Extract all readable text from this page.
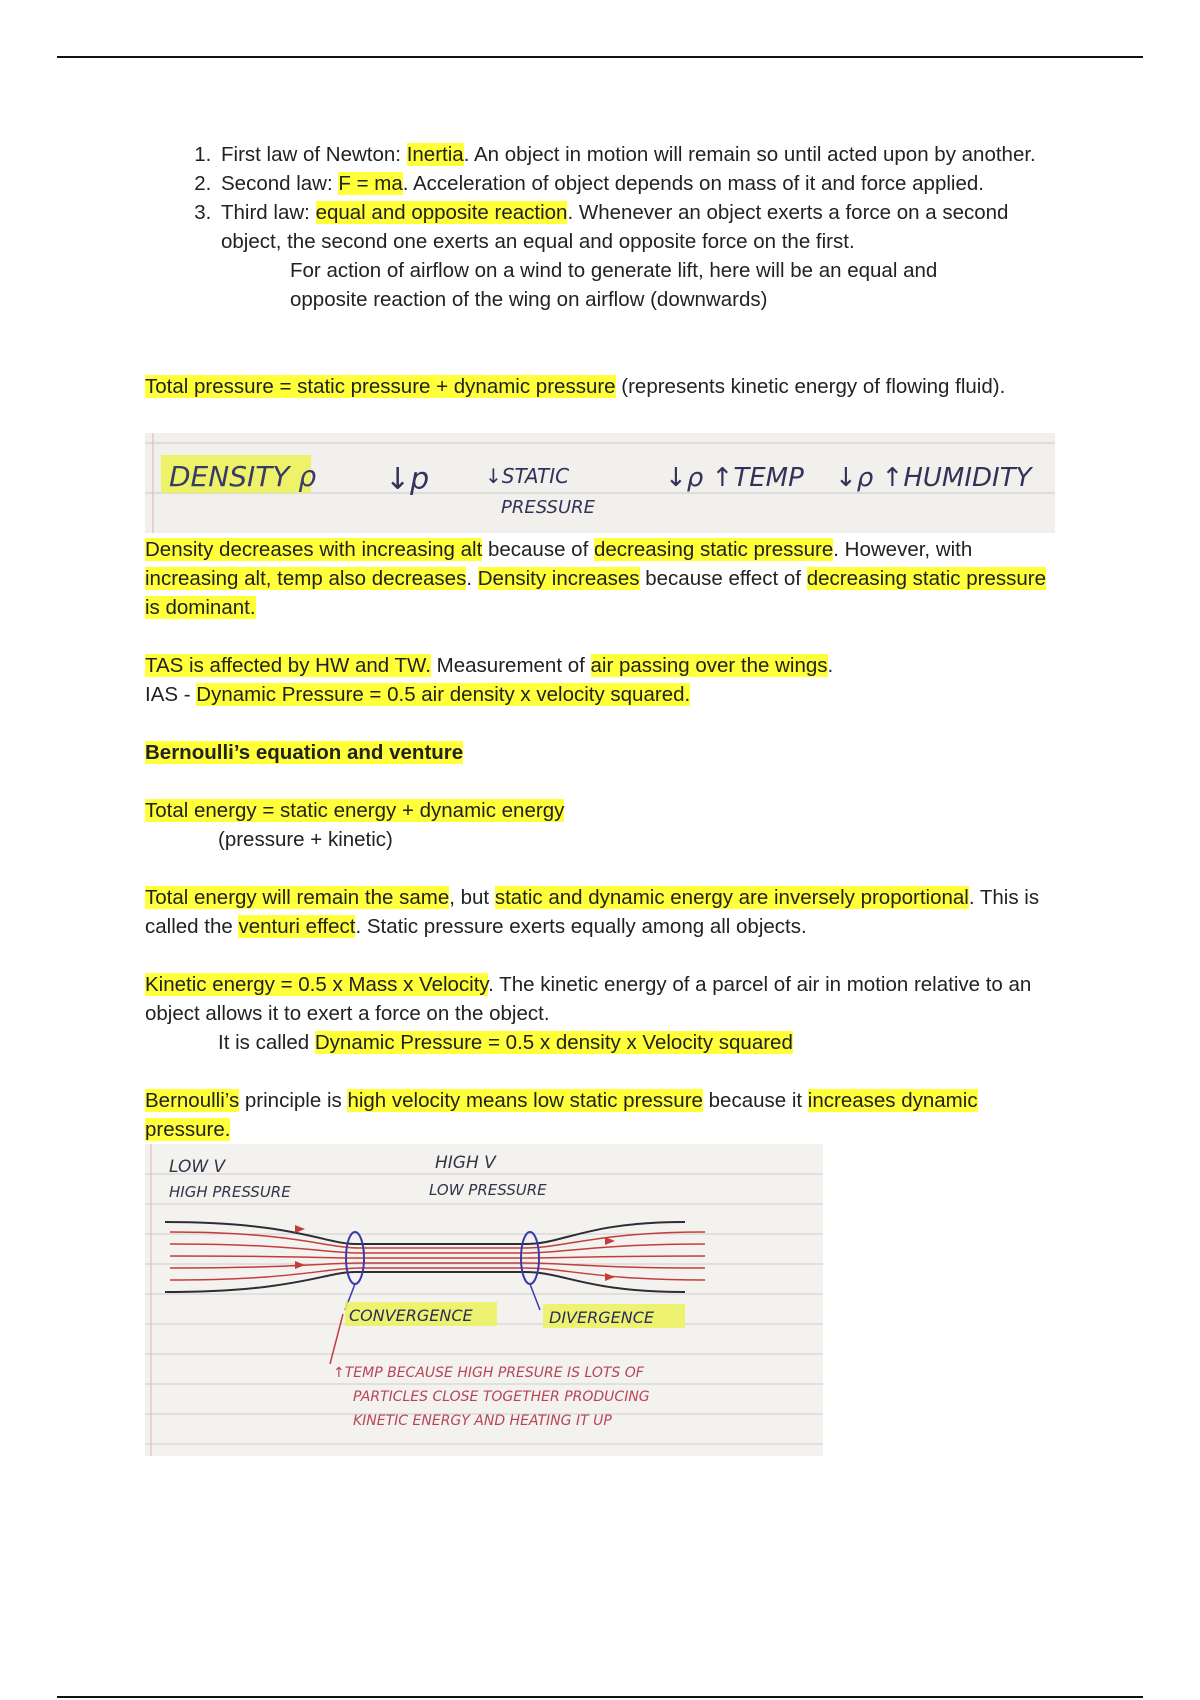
1. First law of Newton: Inertia. An object in motion will remain so until acted upon by another.
2. Second law: F = ma. Acceleration of object depends on mass of it and force applied.
3. Third law: equal and opposite reaction. Whenever an object exerts a force on a second object, the second one exerts an equal and opposite force on the first.

For action of airflow on a wind to generate lift, here will be an equal and opposite reaction of the wing on airflow (downwards)

Total pressure = static pressure + dynamic pressure (represents kinetic energy of flowing fluid).

DENSITY ρ ↓p	↓STATIC
PRESSURE
↓ρ ↑TEMP ↓ρ ↑HUMIDITY

Density decreases with increasing alt because of decreasing static pressure. However, with increasing alt, temp also decreases. Density increases because effect of decreasing static pressure is dominant.

TAS is affected by HW and TW. Measurement of air passing over the wings.

IAS - Dynamic Pressure = 0.5 air density x velocity squared.

Bernoulli’s equation and venture

Total energy = static energy + dynamic energy

(pressure + kinetic)

Total energy will remain the same, but static and dynamic energy are inversely proportional. This is called the venturi effect. Static pressure exerts equally among all objects.

Kinetic energy = 0.5 x Mass x Velocity. The kinetic energy of a parcel of air in motion relative to an object allows it to exert a force on the object.

It is called Dynamic Pressure = 0.5 x density x Velocity squared

Bernoulli’s principle is high velocity means low static pressure because it increases dynamic pressure.

LOW V
HIGH PRESSURE
HIGH V
LOW PRESSURE
CONVERGENCE	DIVERGENCE
↑TEMP BECAUSE HIGH PRESURE IS LOTS OF
PARTICLES CLOSE TOGETHER PRODUCING
KINETIC ENERGY AND HEATING IT UP
